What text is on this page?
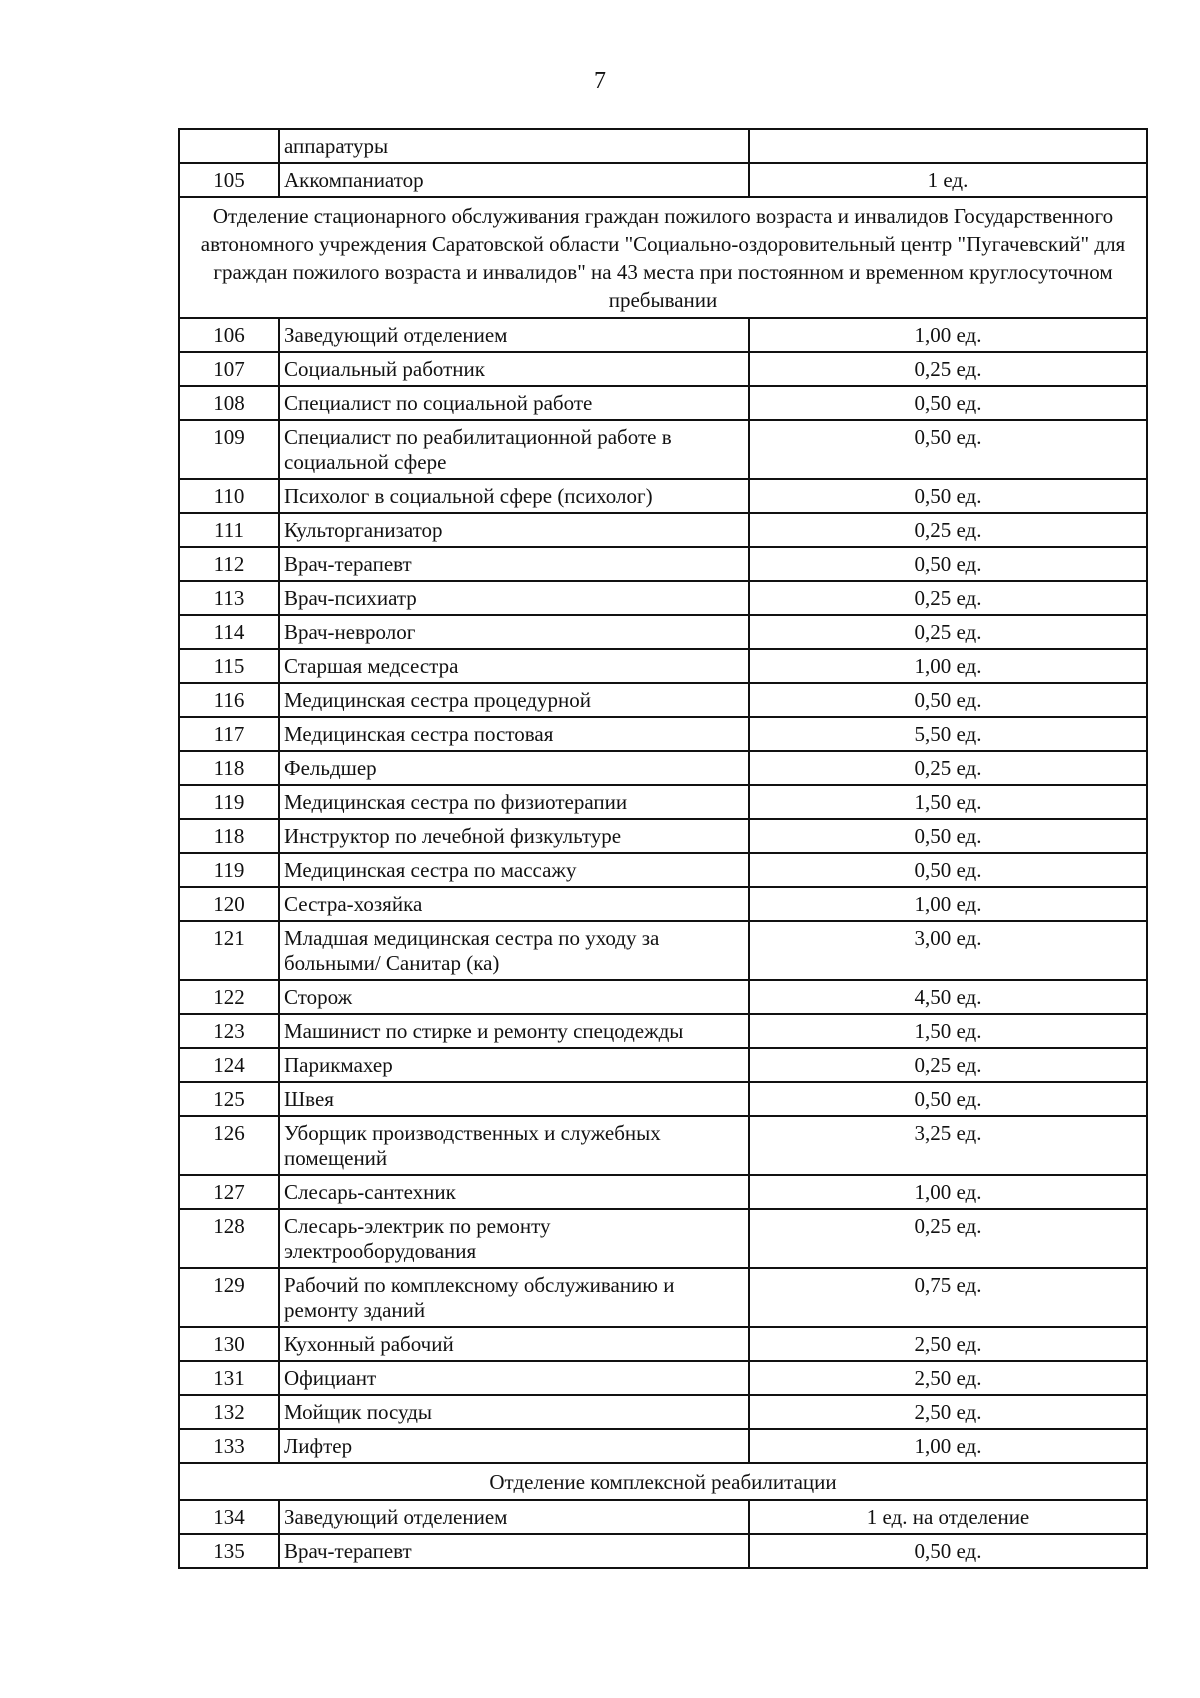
7
	аппаратуры	
105	Аккомпаниатор	1 ед.
Отделение стационарного обслуживания граждан пожилого возраста и инвалидов Государственного автономного учреждения Саратовской области "Социально-оздоровительный центр "Пугачевский" для граждан пожилого возраста и инвалидов" на 43 места при постоянном и временном круглосуточном пребывании		
106	Заведующий отделением	1,00 ед.
107	Социальный работник	0,25 ед.
108	Специалист по социальной работе	0,50 ед.
109	Специалист по реабилитационной работе в социальной сфере	0,50 ед.
110	Психолог в социальной сфере (психолог)	0,50 ед.
111	Культорганизатор	0,25 ед.
112	Врач-терапевт	0,50 ед.
113	Врач-психиатр	0,25 ед.
114	Врач-невролог	0,25 ед.
115	Старшая медсестра	1,00 ед.
116	Медицинская сестра процедурной	0,50 ед.
117	Медицинская сестра постовая	5,50 ед.
118	Фельдшер	0,25 ед.
119	Медицинская сестра по физиотерапии	1,50 ед.
118	Инструктор по лечебной физкультуре	0,50 ед.
119	Медицинская сестра по массажу	0,50 ед.
120	Сестра-хозяйка	1,00 ед.
121	Младшая медицинская сестра по уходу за больными/ Санитар (ка)	3,00 ед.
122	Сторож	4,50 ед.
123	Машинист по стирке и ремонту спецодежды	1,50 ед.
124	Парикмахер	0,25 ед.
125	Швея	0,50 ед.
126	Уборщик производственных и служебных помещений	3,25 ед.
127	Слесарь-сантехник	1,00 ед.
128	Слесарь-электрик по ремонту электрооборудования	0,25 ед.
129	Рабочий по комплексному обслуживанию и ремонту зданий	0,75 ед.
130	Кухонный рабочий	2,50 ед.
131	Официант	2,50 ед.
132	Мойщик посуды	2,50 ед.
133	Лифтер	1,00 ед.
Отделение комплексной реабилитации		
134	Заведующий отделением	1 ед. на отделение
135	Врач-терапевт	0,50 ед.
